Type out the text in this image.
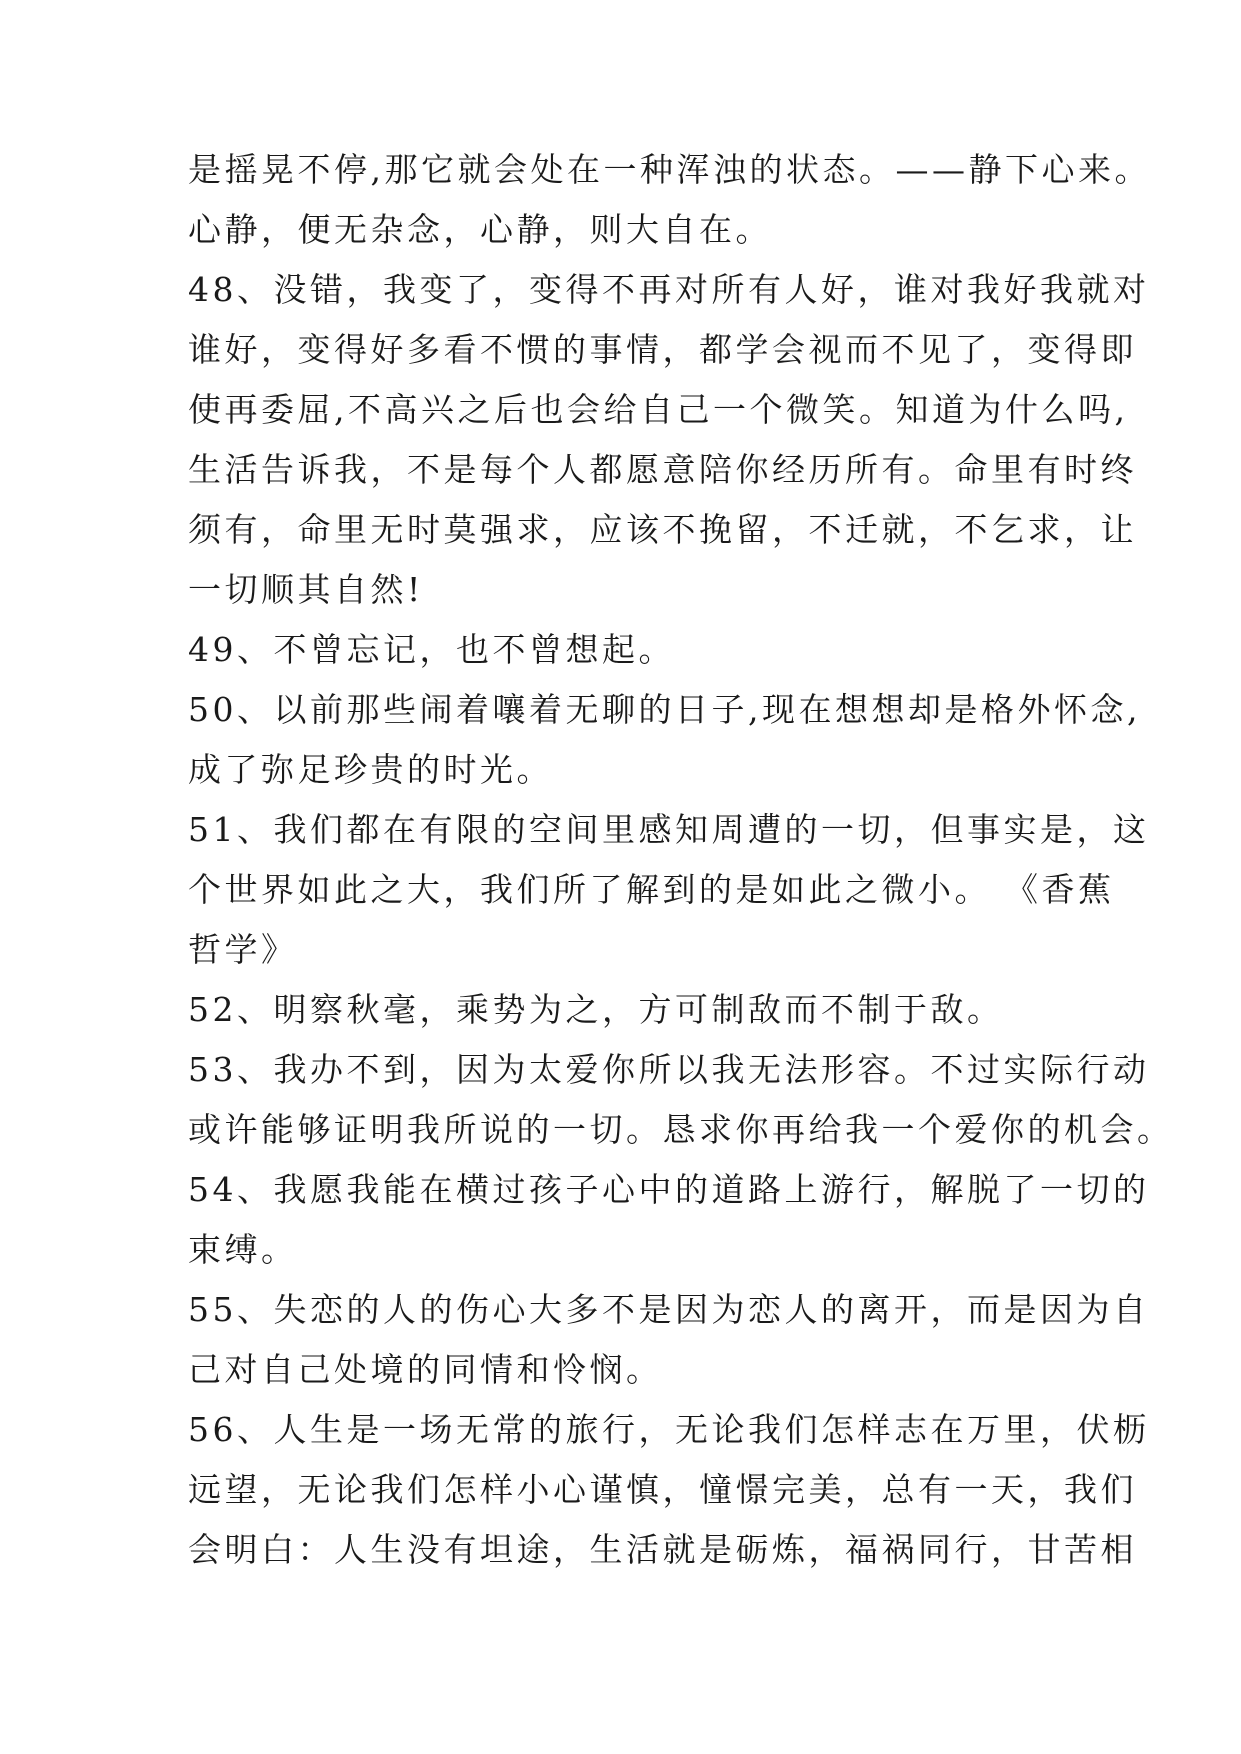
是摇晃不停,那它就会处在一种浑浊的状态。——静下心来。
心静，便无杂念，心静，则大自在。
48、没错，我变了，变得不再对所有人好，谁对我好我就对
谁好，变得好多看不惯的事情，都学会视而不见了，变得即
使再委屈,不高兴之后也会给自己一个微笑。知道为什么吗,
生活告诉我，不是每个人都愿意陪你经历所有。命里有时终
须有，命里无时莫强求，应该不挽留，不迁就，不乞求，让
一切顺其自然!
49、不曾忘记，也不曾想起。
50、以前那些闹着嚷着无聊的日子,现在想想却是格外怀念,
成了弥足珍贵的时光。
51、我们都在有限的空间里感知周遭的一切，但事实是，这
个世界如此之大，我们所了解到的是如此之微小。 《香蕉
哲学》
52、明察秋毫，乘势为之，方可制敌而不制于敌。
53、我办不到，因为太爱你所以我无法形容。不过实际行动
或许能够证明我所说的一切。恳求你再给我一个爱你的机会。
54、我愿我能在横过孩子心中的道路上游行，解脱了一切的
束缚。
55、失恋的人的伤心大多不是因为恋人的离开，而是因为自
己对自己处境的同情和怜悯。
56、人生是一场无常的旅行，无论我们怎样志在万里，伏枥
远望，无论我们怎样小心谨慎，憧憬完美，总有一天，我们
会明白：人生没有坦途，生活就是砺炼，福祸同行，甘苦相
